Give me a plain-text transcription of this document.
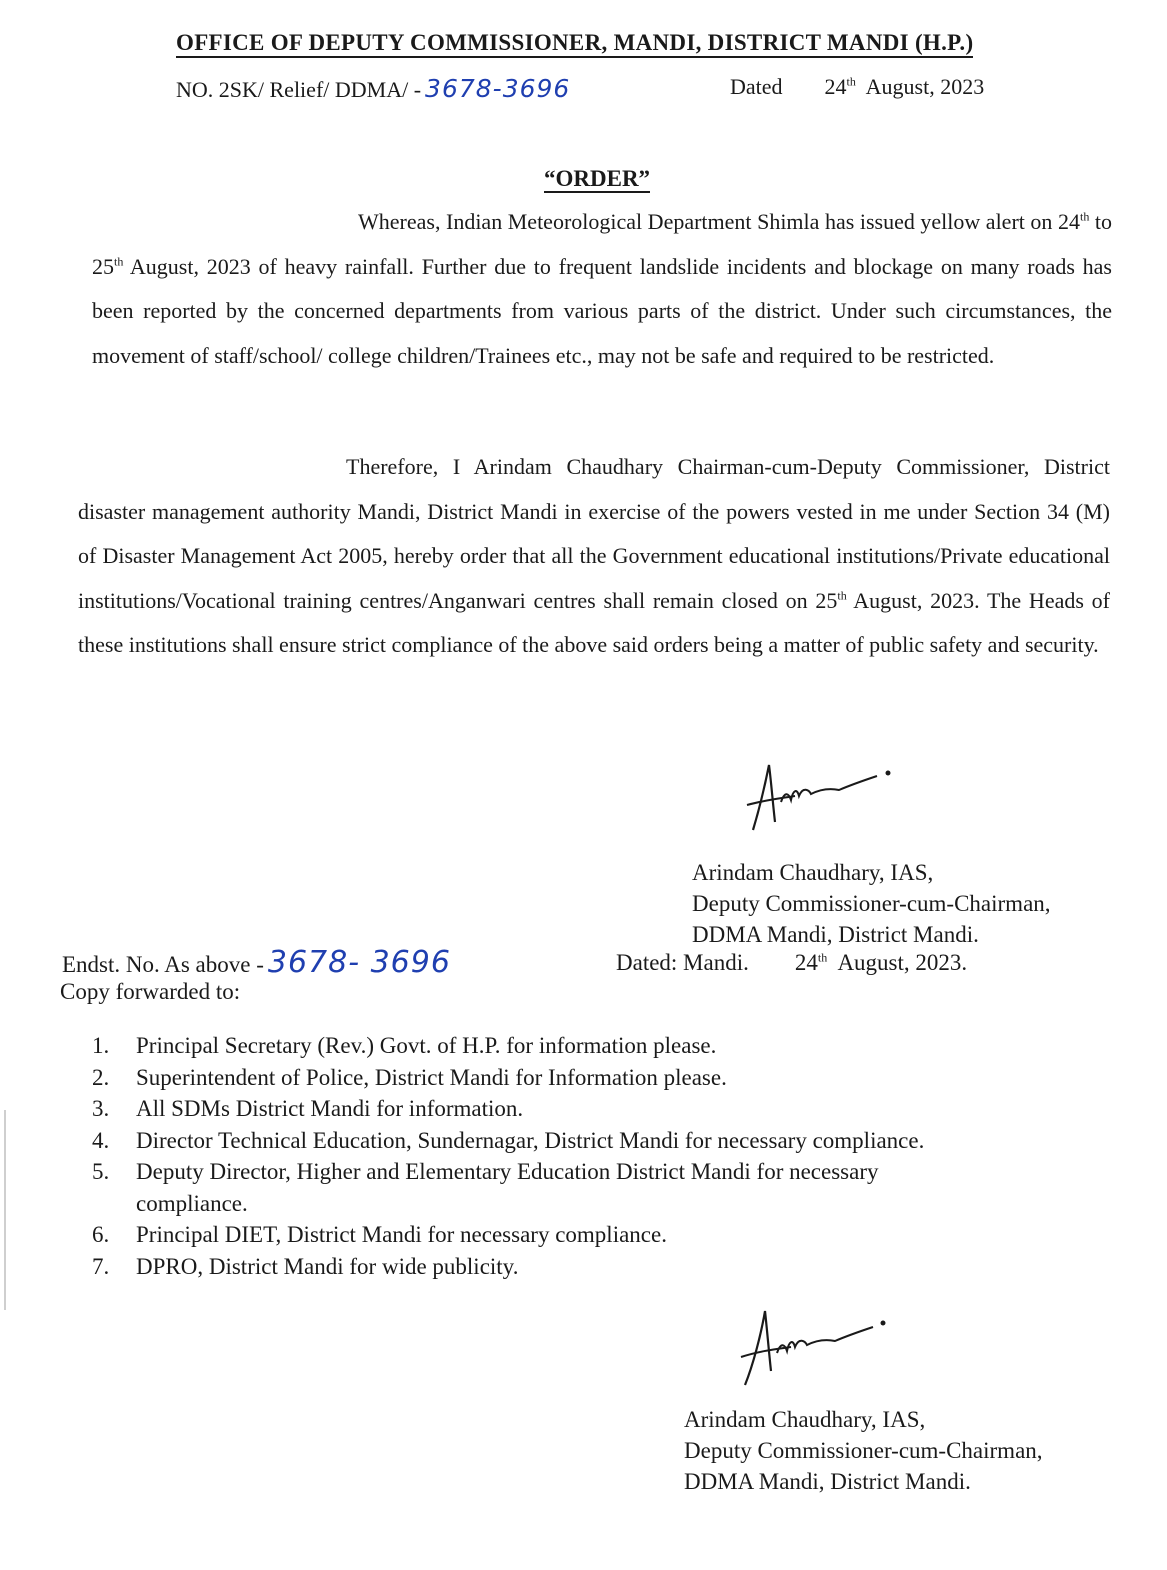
OFFICE OF DEPUTY COMMISSIONER, MANDI, DISTRICT MANDI (H.P.)
NO. 2SK/ Relief/ DDMA/ - 3678-3696	Dated 24th August, 2023
“ORDER”

Whereas, Indian Meteorological Department Shimla has issued yellow alert on 24th to 25th August, 2023 of heavy rainfall. Further due to frequent landslide incidents and blockage on many roads has been reported by the concerned departments from various parts of the district. Under such circumstances, the movement of staff/school/ college children/Trainees etc., may not be safe and required to be restricted.

Therefore, I Arindam Chaudhary Chairman-cum-Deputy Commissioner, District disaster management authority Mandi, District Mandi in exercise of the powers vested in me under Section 34 (M) of Disaster Management Act 2005, hereby order that all the Government educational institutions/Private educational institutions/Vocational training centres/Anganwari centres shall remain closed on 25th August, 2023. The Heads of these institutions shall ensure strict compliance of the above said orders being a matter of public safety and security.

Arindam Chaudhary, IAS,
Deputy Commissioner-cum-Chairman,
DDMA Mandi, District Mandi.
Endst. No. As above - 3678- 3696	Dated: Mandi. 24th August, 2023.
Copy forwarded to:
1.	Principal Secretary (Rev.) Govt. of H.P. for information please.
2.	Superintendent of Police, District Mandi for Information please.
3.	All SDMs District Mandi for information.
4.	Director Technical Education, Sundernagar, District Mandi for necessary compliance.
5.	Deputy Director, Higher and Elementary Education District Mandi for necessary
compliance.
6.	Principal DIET, District Mandi for necessary compliance.
7.	DPRO, District Mandi for wide publicity.
Arindam Chaudhary, IAS,
Deputy Commissioner-cum-Chairman,
DDMA Mandi, District Mandi.
